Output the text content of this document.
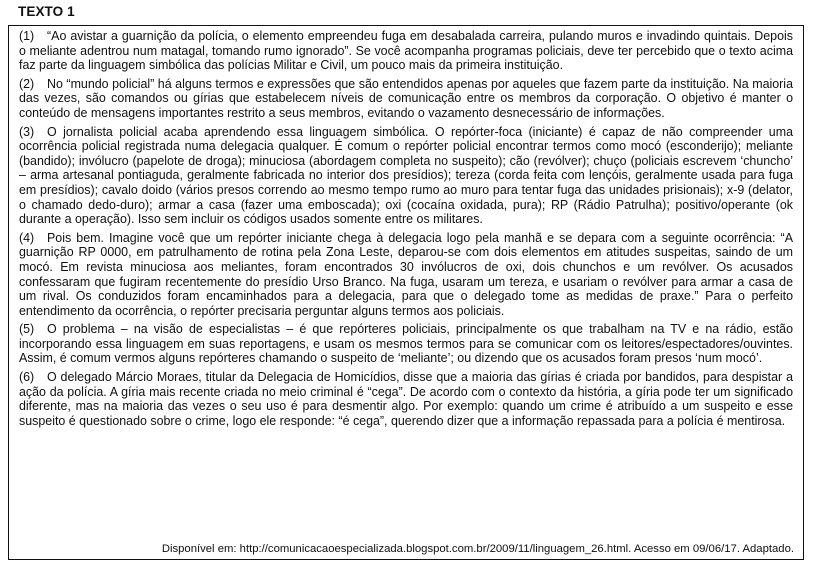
TEXTO 1

(1) “Ao avistar a guarnição da polícia, o elemento empreendeu fuga em desabalada carreira, pulando muros e invadindo quintais. Depois o meliante adentrou num matagal, tomando rumo ignorado”. Se você acompanha programas policiais, deve ter percebido que o texto acima faz parte da linguagem simbólica das polícias Militar e Civil, um pouco mais da primeira instituição.

(2) No “mundo policial” há alguns termos e expressões que são entendidos apenas por aqueles que fazem parte da instituição. Na maioria das vezes, são comandos ou gírias que estabelecem níveis de comunicação entre os membros da corporação. O objetivo é manter o conteúdo de mensagens importantes restrito a seus membros, evitando o vazamento desnecessário de informações.

(3) O jornalista policial acaba aprendendo essa linguagem simbólica. O repórter-foca (iniciante) é capaz de não compreender uma ocorrência policial registrada numa delegacia qualquer. É comum o repórter policial encontrar termos como mocó (esconderijo); meliante (bandido); invólucro (papelote de droga); minuciosa (abordagem completa no suspeito); cão (revólver); chuço (policiais escrevem ‘chuncho’ – arma artesanal pontiaguda, geralmente fabricada no interior dos presídios); tereza (corda feita com lençóis, geralmente usada para fuga em presídios); cavalo doido (vários presos correndo ao mesmo tempo rumo ao muro para tentar fuga das unidades prisionais); x-9 (delator, o chamado dedo-duro); armar a casa (fazer uma emboscada); oxi (cocaína oxidada, pura); RP (Rádio Patrulha); positivo/operante (ok durante a operação). Isso sem incluir os códigos usados somente entre os militares.

(4) Pois bem. Imagine você que um repórter iniciante chega à delegacia logo pela manhã e se depara com a seguinte ocorrência: “A guarnição RP 0000, em patrulhamento de rotina pela Zona Leste, deparou-se com dois elementos em atitudes suspeitas, saindo de um mocó. Em revista minuciosa aos meliantes, foram encontrados 30 invólucros de oxi, dois chunchos e um revólver. Os acusados confessaram que fugiram recentemente do presídio Urso Branco. Na fuga, usaram um tereza, e usariam o revólver para armar a casa de um rival. Os conduzidos foram encaminhados para a delegacia, para que o delegado tome as medidas de praxe.” Para o perfeito entendimento da ocorrência, o repórter precisaria perguntar alguns termos aos policiais.

(5) O problema – na visão de especialistas – é que repórteres policiais, principalmente os que trabalham na TV e na rádio, estão incorporando essa linguagem em suas reportagens, e usam os mesmos termos para se comunicar com os leitores/espectadores/ouvintes. Assim, é comum vermos alguns repórteres chamando o suspeito de ‘meliante’; ou dizendo que os acusados foram presos ‘num mocó’.

(6) O delegado Márcio Moraes, titular da Delegacia de Homicídios, disse que a maioria das gírias é criada por bandidos, para despistar a ação da polícia. A gíria mais recente criada no meio criminal é “cega”. De acordo com o contexto da história, a gíria pode ter um significado diferente, mas na maioria das vezes o seu uso é para desmentir algo. Por exemplo: quando um crime é atribuído a um suspeito e esse suspeito é questionado sobre o crime, logo ele responde: “é cega”, querendo dizer que a informação repassada para a polícia é mentirosa.

Disponível em: http://comunicacaoespecializada.blogspot.com.br/2009/11/linguagem_26.html. Acesso em 09/06/17. Adaptado.
